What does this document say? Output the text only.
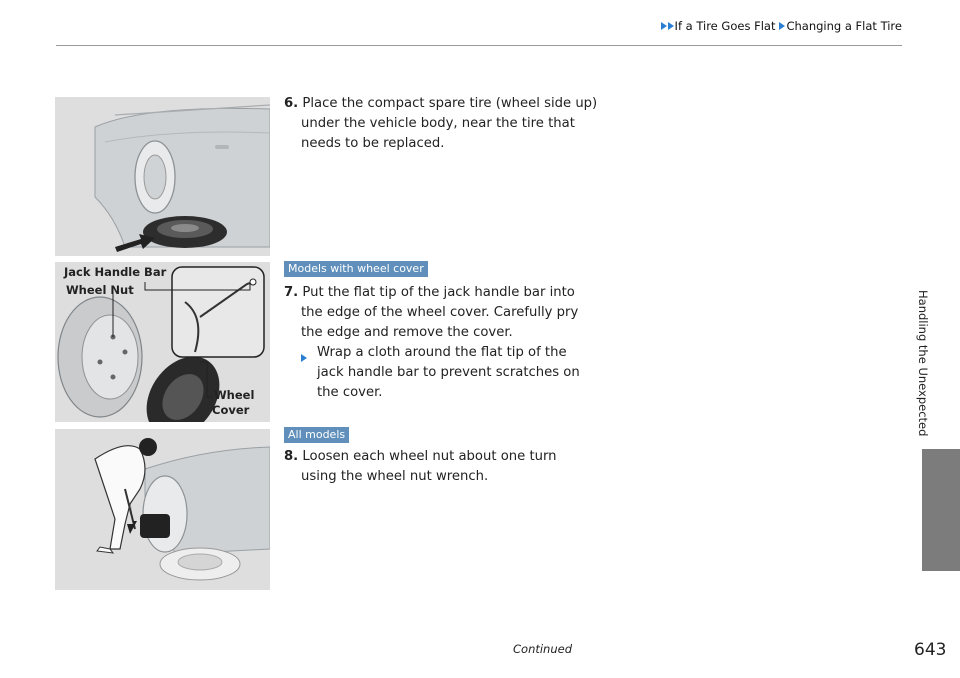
If a Tire Goes Flat Changing a Flat Tire
Handling the Unexpected
Jack Handle Bar
Wheel Nut
Wheel
Cover
6. Place the compact spare tire (wheel side up)
under the vehicle body, near the tire that
needs to be replaced.
Models with wheel cover
7. Put the flat tip of the jack handle bar into
the edge of the wheel cover. Carefully pry
the edge and remove the cover.
Wrap a cloth around the flat tip of the
jack handle bar to prevent scratches on
the cover.
All models
8. Loosen each wheel nut about one turn
using the wheel nut wrench.
Continued	643
